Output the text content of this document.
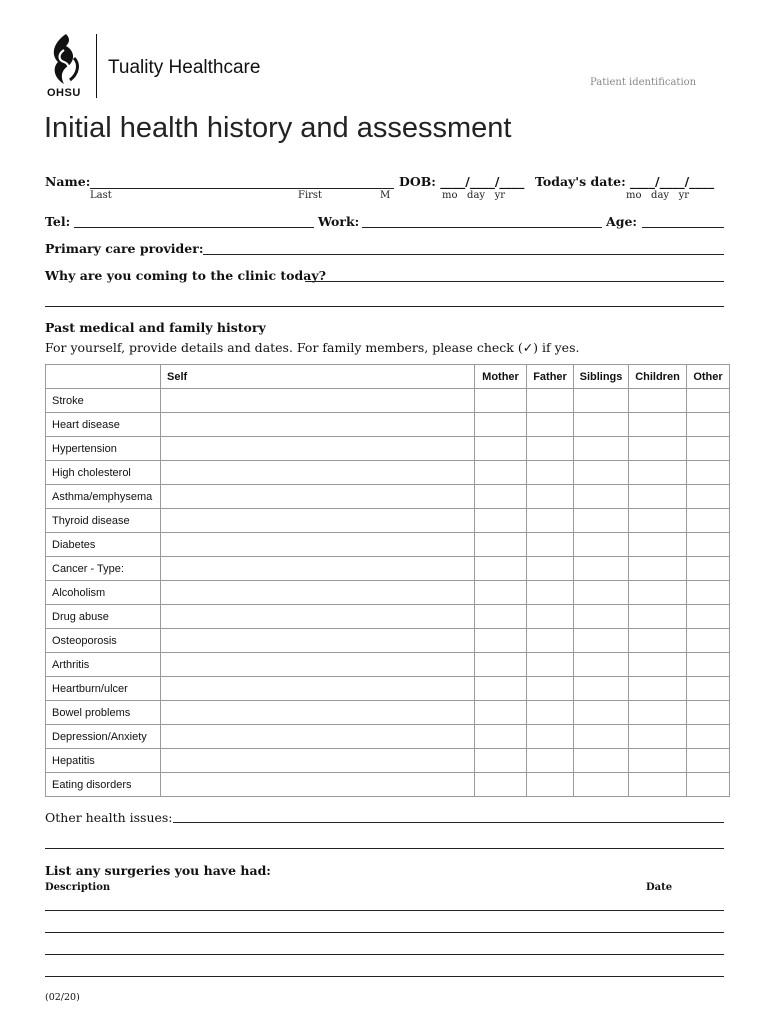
OHSU
Tuality Healthcare
Patient identification
Initial health history and assessment
Name:
Last	First	M
DOB: ____/____/____
mo   day   yr
Today's date: ____/____/____
mo   day   yr
Tel:	Work:	Age:
Primary care provider:
Why are you coming to the clinic today?
Past medical and family history
For yourself, provide details and dates. For family members, please check (✓) if yes.
	Self	Mother	Father	Siblings	Children	Other
Stroke						
Heart disease						
Hypertension						
High cholesterol						
Asthma/emphysema						
Thyroid disease						
Diabetes						
Cancer - Type:						
Alcoholism						
Drug abuse						
Osteoporosis						
Arthritis						
Heartburn/ulcer						
Bowel problems						
Depression/Anxiety						
Hepatitis						
Eating disorders						
Other health issues:
List any surgeries you have had:
Description	Date
(02/20)
